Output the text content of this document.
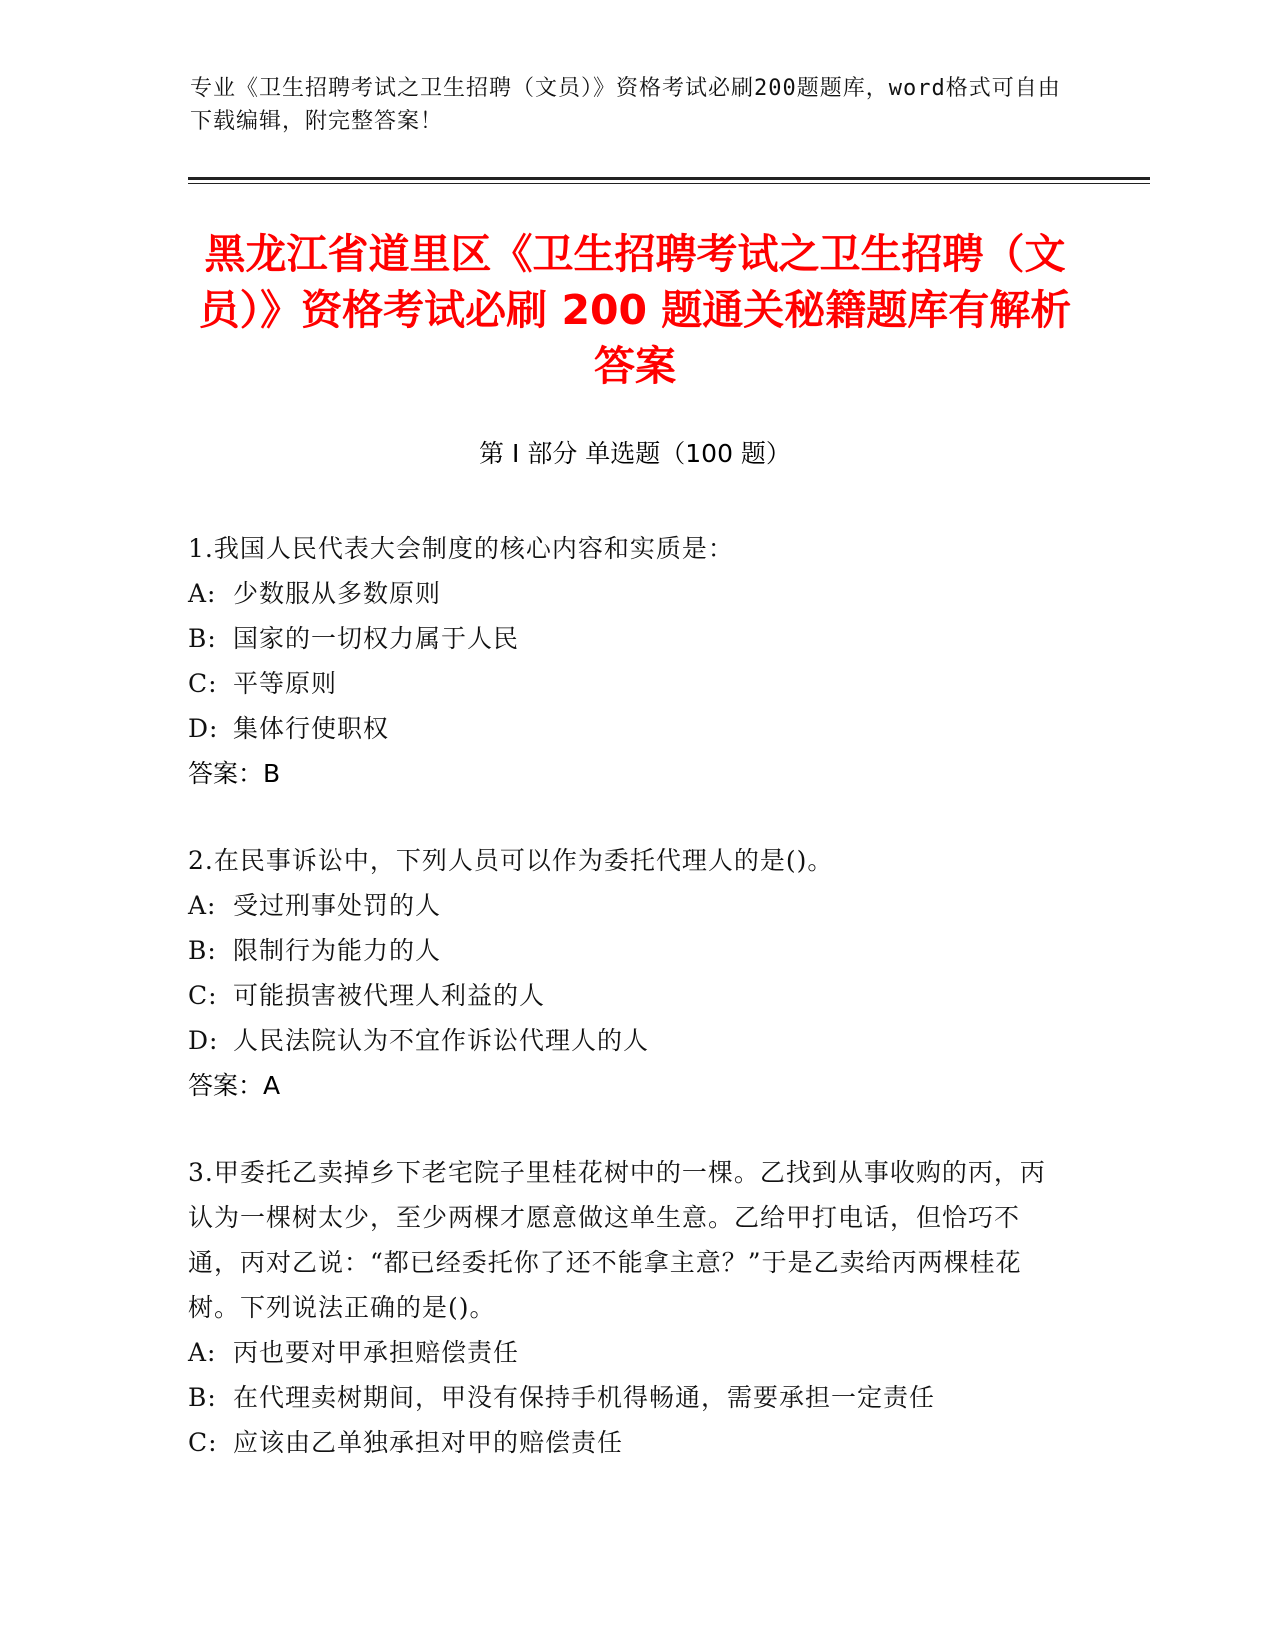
专业《卫生招聘考试之卫生招聘（文员）》资格考试必刷200题题库，word格式可自由下载编辑，附完整答案！
黑龙江省道里区《卫生招聘考试之卫生招聘（文员）》资格考试必刷 200 题通关秘籍题库有解析答案
第 I 部分 单选题（100 题）
1.我国人民代表大会制度的核心内容和实质是：
A: 少数服从多数原则
B: 国家的一切权力属于人民
C: 平等原则
D: 集体行使职权
答案：B
2.在民事诉讼中，下列人员可以作为委托代理人的是()。
A: 受过刑事处罚的人
B: 限制行为能力的人
C: 可能损害被代理人利益的人
D: 人民法院认为不宜作诉讼代理人的人
答案：A
3.甲委托乙卖掉乡下老宅院子里桂花树中的一棵。乙找到从事收购的丙，丙认为一棵树太少，至少两棵才愿意做这单生意。乙给甲打电话，但恰巧不通，丙对乙说：“都已经委托你了还不能拿主意？”于是乙卖给丙两棵桂花树。下列说法正确的是()。
A: 丙也要对甲承担赔偿责任
B: 在代理卖树期间，甲没有保持手机得畅通，需要承担一定责任
C: 应该由乙单独承担对甲的赔偿责任
